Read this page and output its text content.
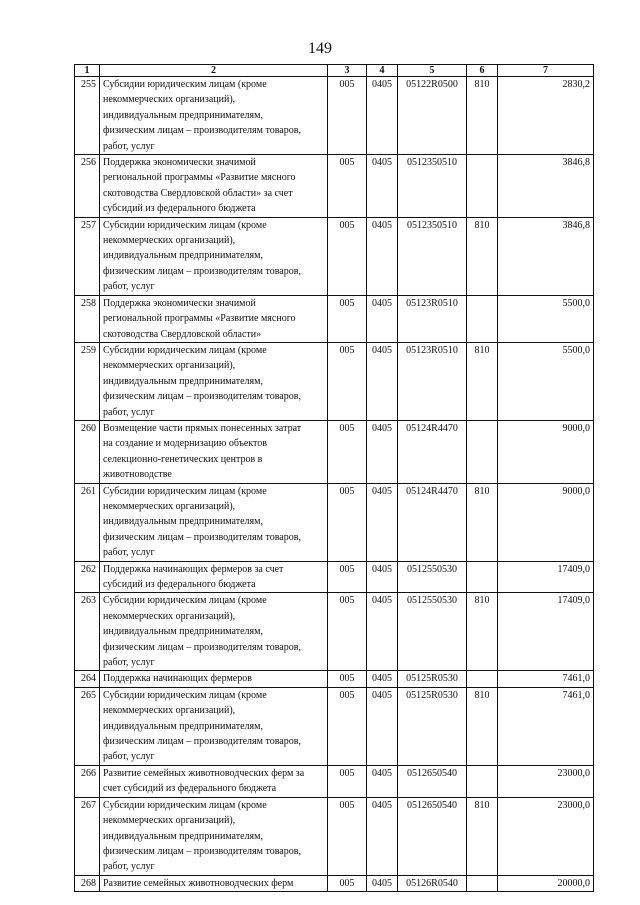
149
1	2	3	4	5	6	7
255	Субсидии юридическим лицам (кроме
некоммерческих организаций),
индивидуальным предпринимателям,
физическим лицам – производителям товаров,
работ, услуг	005	0405	05122R0500	810	2830,2
256	Поддержка экономически значимой
региональной программы «Развитие мясного
скотоводства Свердловской области» за счет
субсидий из федерального бюджета	005	0405	0512350510		3846,8
257	Субсидии юридическим лицам (кроме
некоммерческих организаций),
индивидуальным предпринимателям,
физическим лицам – производителям товаров,
работ, услуг	005	0405	0512350510	810	3846,8
258	Поддержка экономически значимой
региональной программы «Развитие мясного
скотоводства Свердловской области»	005	0405	05123R0510		5500,0
259	Субсидии юридическим лицам (кроме
некоммерческих организаций),
индивидуальным предпринимателям,
физическим лицам – производителям товаров,
работ, услуг	005	0405	05123R0510	810	5500,0
260	Возмещение части прямых понесенных затрат
на создание и модернизацию объектов
селекционно-генетических центров в
животноводстве	005	0405	05124R4470		9000,0
261	Субсидии юридическим лицам (кроме
некоммерческих организаций),
индивидуальным предпринимателям,
физическим лицам – производителям товаров,
работ, услуг	005	0405	05124R4470	810	9000,0
262	Поддержка начинающих фермеров за счет
субсидий из федерального бюджета	005	0405	0512550530		17409,0
263	Субсидии юридическим лицам (кроме
некоммерческих организаций),
индивидуальным предпринимателям,
физическим лицам – производителям товаров,
работ, услуг	005	0405	0512550530	810	17409,0
264	Поддержка начинающих фермеров	005	0405	05125R0530		7461,0
265	Субсидии юридическим лицам (кроме
некоммерческих организаций),
индивидуальным предпринимателям,
физическим лицам – производителям товаров,
работ, услуг	005	0405	05125R0530	810	7461,0
266	Развитие семейных животноводческих ферм за
счет субсидий из федерального бюджета	005	0405	0512650540		23000,0
267	Субсидии юридическим лицам (кроме
некоммерческих организаций),
индивидуальным предпринимателям,
физическим лицам – производителям товаров,
работ, услуг	005	0405	0512650540	810	23000,0
268	Развитие семейных животноводческих ферм	005	0405	05126R0540		20000,0
